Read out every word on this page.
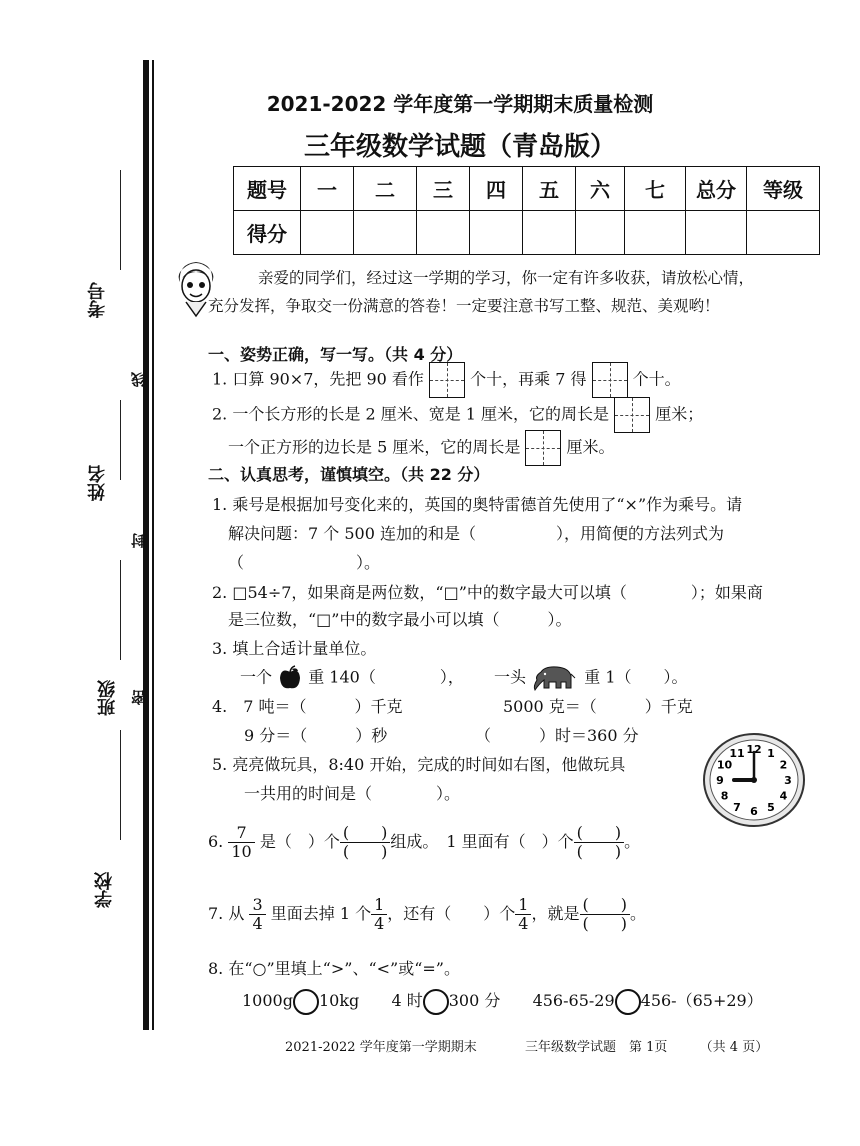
考号
线
姓名
封
班级 密
学校
2021-2022 学年度第一学期期末质量检测
三年级数学试题（青岛版）
题号	一	二	三	四	五	六	七	总分	等级
得分									
亲爱的同学们，经过这一学期的学习，你一定有许多收获，请放松心情，
充分发挥，争取交一份满意的答卷！一定要注意书写工整、规范、美观哟！
一、姿势正确，写一写。（共 4 分）
1. 口算 90×7，先把 90 看作	个十，再乘 7 得	个十。
2. 一个长方形的长是 2 厘米、宽是 1 厘米，它的周长是	厘米；
一个正方形的边长是 5 厘米，它的周长是	厘米。
二、认真思考，谨慎填空。（共 22 分）
1. 乘号是根据加号变化来的，英国的奥特雷德首先使用了“×”作为乘号。请
解决问题：7 个 500 连加的和是（　　　　　），用简便的方法列式为
（　　　　　　　）。
2. □54÷7，如果商是两位数，“□”中的数字最大可以填（　　　　）；如果商
是三位数，“□”中的数字最小可以填（　　　）。
3. 填上合适计量单位。
一个 重 140（　　　　）， 一头	重 1（　　）。
4.　7 吨＝（　　　）千克	5000 克＝（　　　）千克
9 分＝（　　　）秒	（　　　）时＝360 分
5. 亮亮做玩具，8:40 开始，完成的时间如右图，他做玩具
一共用的时间是（　　　　）。
12 1
2
3
4
5
6
7
8
9
10
11
6. $\frac{7}{10}$ 是（　）个 $\frac{( )}{( )}$ 组成。　1 里面有（　）个 $\frac{( )}{( )}$ 。
7. 从 $\frac{3}{4}$ 里面去掉 1 个 $\frac{1}{4}$ ，还有（　　）个 $\frac{1}{4}$ ，就是 $\frac{( )}{( )}$ 。
8. 在“○”里填上“>”、“<”或“=”。
1000g 10kg 4 时 300 分 456-65-29 456-（65+29）
2021-2022 学年度第一学期期末	三年级数学试题　第 1页 （共 4 页）
